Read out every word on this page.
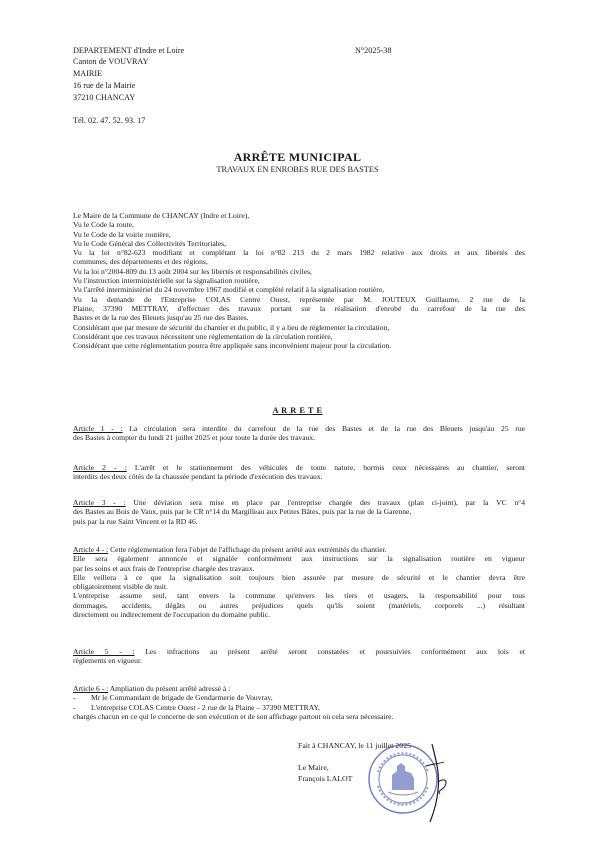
DEPARTEMENT d'Indre et Loire	N°2025-38
Canton de VOUVRAY
MAIRIE
16 rue de la Mairie
37210 CHANCAY
Tél. 02. 47. 52. 93. 17
ARRÊTE MUNICIPAL
TRAVAUX EN ENROBES RUE DES BASTES
Le Maire de la Commune de CHANCAY (Indre et Loire),
Vu le Code la route,
Vu le Code de la voirie routière,
Vu le Code Général des Collectivités Territoriales,
Vu la loi n°82-623 modifiant et complétant la loi n°82 213 du 2 mars 1982 relative aux droits et aux libertés des
communes, des départements et des régions,
Vu la loi n°2004-809 du 13 août 2004 sur les libertés et responsabilités civiles,
Vu l'instruction interministérielle sur la signalisation routière,
Vu l'arrêté interministériel du 24 novembre 1967 modifié et complété relatif à la signalisation routière,
Vu la demande de l'Entreprise COLAS Centre Ouest, représentée par M. JOUTEUX Guillaume, 2 rue de la
Plaine, 37390 METTRAY, d'effectuer des travaux portant sur la réalisation d'enrobé du carrefour de la rue des
Bastes et de la rue des Bleuets jusqu'au 25 rue des Bastes.
Considérant que par mesure de sécurité du chantier et du public, il y a lieu de réglementer la circulation,
Considérant que ces travaux nécessitent une réglementation de la circulation routière,
Considérant que cette réglementation pourra être appliquée sans inconvénient majeur pour la circulation.
A R R E T E
Article 1 - : La circulation sera interdite du carrefour de la rue des Bastes et de la rue des Bleuets jusqu'au 25 rue
des Bastes à compter du lundi 21 juillet 2025 et pour toute la durée des travaux.
Article 2 - : L'arrêt et le stationnement des véhicules de toute nature, hormis ceux nécessaires au chantier, seront
interdits des deux côtés de la chaussée pendant la période d'exécution des travaux.
Article 3 - : Une déviation sera mise en place par l'entreprise chargée des travaux (plan ci-joint), par la VC n°4
des Bastes au Bois de Vaux, puis par le CR n°14 du Margilleau aux Petites Bâtes, puis par la rue de la Garenne,
puis par la rue Saint Vincent et la RD 46.
Article 4 - : Cette réglementation fera l'objet de l'affichage du présent arrêté aux extrémités du chantier.
Elle sera également annoncée et signalée conformément aux instructions sur la signalisation routière en vigueur
par les soins et aux frais de l'entreprise chargée des travaux.
Elle veillera à ce que la signalisation soit toujours bien assurée par mesure de sécurité et le chantier devra être
obligatoirement visible de nuit.
L'entreprise assume seul, tant envers la commune qu'envers les tiers et usagers, la responsabilité pour tous
dommages, accidents, dégâts ou autres préjudices quels qu'ils soient (matériels, corporels ...) résultant
directement ou indirectement de l'occupation du domaine public.
Article 5 - : Les infractions au présent arrêté seront constatées et poursuivies conformément aux lois et
règlements en vigueur.
Article 6 - : Ampliation du présent arrêté adressé à :
- Mr le Commandant de brigade de Gendarmerie de Vouvray,
- L'entreprise COLAS Centre Ouest - 2 rue de la Plaine – 37390 METTRAY,
chargés chacun en ce qui le concerne de son exécution et de son affichage partout où cela sera nécessaire.
Fait à CHANCAY, le 11 juillet 2025
Le Maire,
François LALOT
